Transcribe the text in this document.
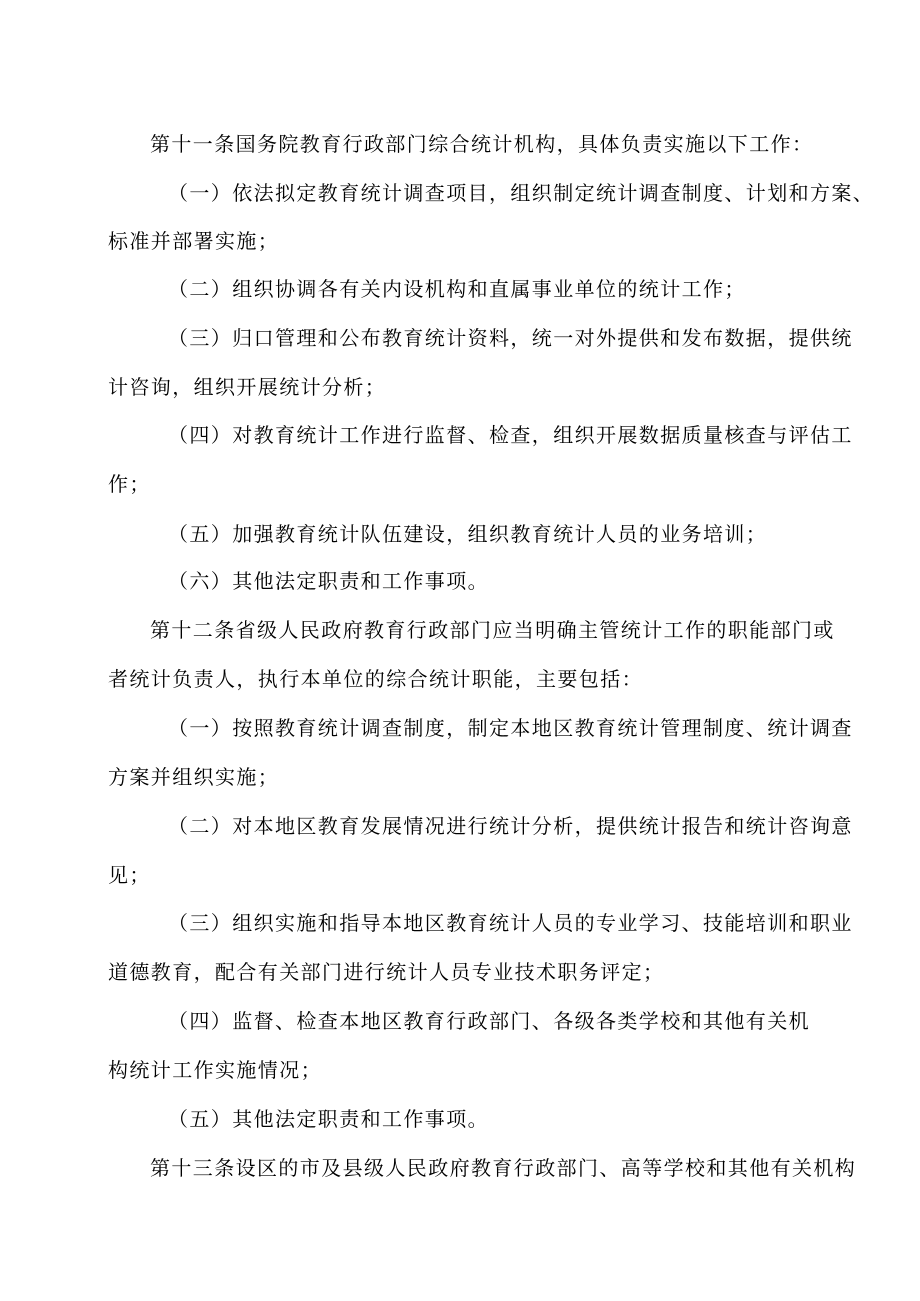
第十一条国务院教育行政部门综合统计机构，具体负责实施以下工作：
（一）依法拟定教育统计调查项目，组织制定统计调查制度、计划和方案、
标准并部署实施；
（二）组织协调各有关内设机构和直属事业单位的统计工作；
（三）归口管理和公布教育统计资料，统一对外提供和发布数据，提供统
计咨询，组织开展统计分析；
（四）对教育统计工作进行监督、检查，组织开展数据质量核查与评估工
作；
（五）加强教育统计队伍建设，组织教育统计人员的业务培训；
（六）其他法定职责和工作事项。
第十二条省级人民政府教育行政部门应当明确主管统计工作的职能部门或
者统计负责人，执行本单位的综合统计职能，主要包括：
（一）按照教育统计调查制度，制定本地区教育统计管理制度、统计调查
方案并组织实施；
（二）对本地区教育发展情况进行统计分析，提供统计报告和统计咨询意
见；
（三）组织实施和指导本地区教育统计人员的专业学习、技能培训和职业
道德教育，配合有关部门进行统计人员专业技术职务评定；
（四）监督、检查本地区教育行政部门、各级各类学校和其他有关机
构统计工作实施情况；
（五）其他法定职责和工作事项。
第十三条设区的市及县级人民政府教育行政部门、高等学校和其他有关机构
